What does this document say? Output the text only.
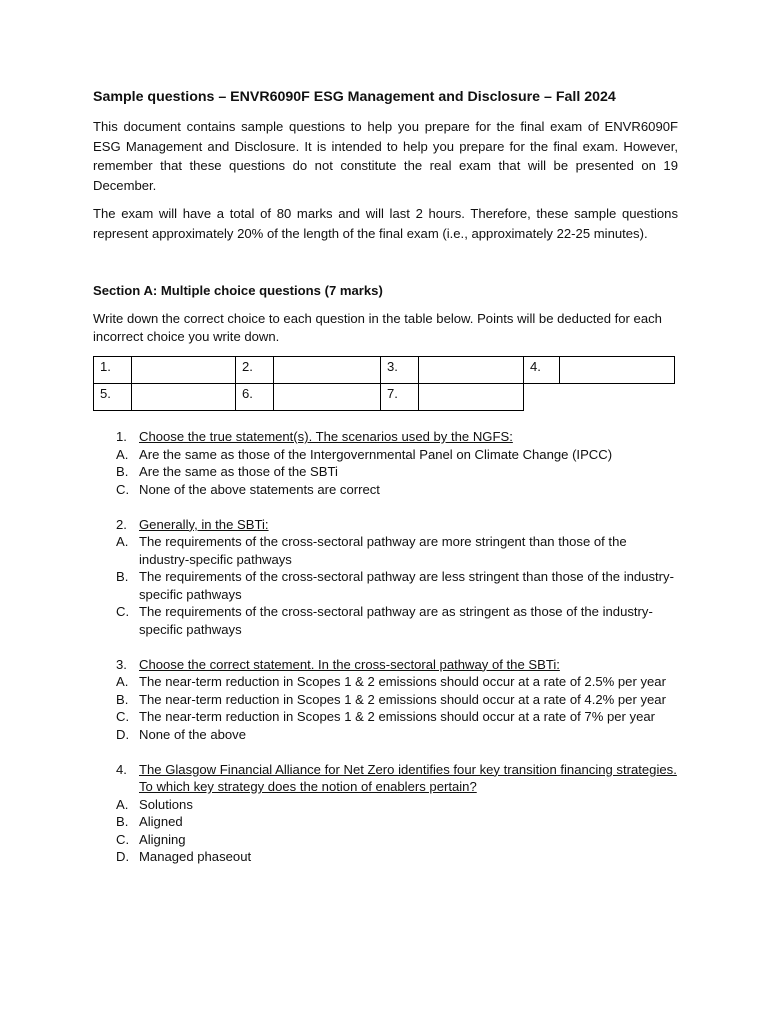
Sample questions – ENVR6090F ESG Management and Disclosure – Fall 2024
This document contains sample questions to help you prepare for the final exam of ENVR6090F ESG Management and Disclosure. It is intended to help you prepare for the final exam. However, remember that these questions do not constitute the real exam that will be presented on 19 December.
The exam will have a total of 80 marks and will last 2 hours. Therefore, these sample questions represent approximately 20% of the length of the final exam (i.e., approximately 22-25 minutes).
Section A: Multiple choice questions (7 marks)
Write down the correct choice to each question in the table below. Points will be deducted for each incorrect choice you write down.
1.		2.		3.		4.	
5.		6.		7.			
1. Choose the true statement(s). The scenarios used by the NGFS:
A. Are the same as those of the Intergovernmental Panel on Climate Change (IPCC)
B. Are the same as those of the SBTi
C. None of the above statements are correct
2. Generally, in the SBTi:
A. The requirements of the cross-sectoral pathway are more stringent than those of the industry-specific pathways
B. The requirements of the cross-sectoral pathway are less stringent than those of the industry-specific pathways
C. The requirements of the cross-sectoral pathway are as stringent as those of the industry-specific pathways
3. Choose the correct statement. In the cross-sectoral pathway of the SBTi:
A. The near-term reduction in Scopes 1 & 2 emissions should occur at a rate of 2.5% per year
B. The near-term reduction in Scopes 1 & 2 emissions should occur at a rate of 4.2% per year
C. The near-term reduction in Scopes 1 & 2 emissions should occur at a rate of 7% per year
D. None of the above
4. The Glasgow Financial Alliance for Net Zero identifies four key transition financing strategies. To which key strategy does the notion of enablers pertain?
A. Solutions
B. Aligned
C. Aligning
D. Managed phaseout
